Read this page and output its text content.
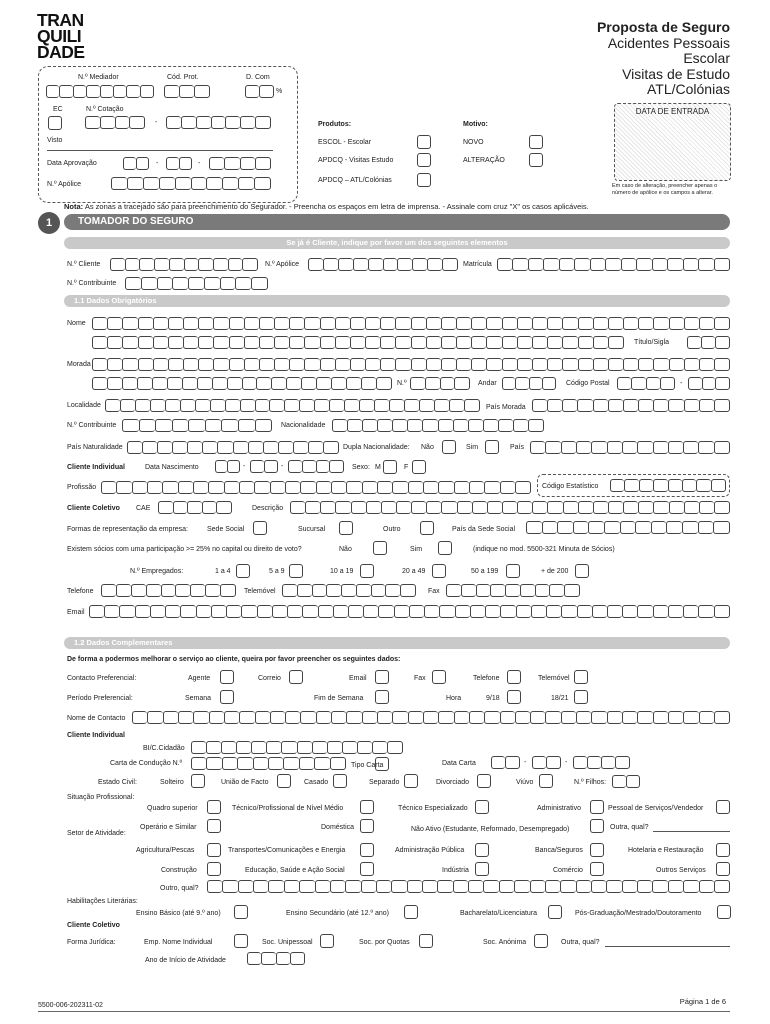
TRAN
QUILI
DADE
Proposta de Seguro
Acidentes Pessoais
Escolar
Visitas de Estudo
ATL/Colónias
N.º Mediador	Cód. Prot.	D. Com
%
EC	N.º Cotação
-
Visto
Data Aprovação	-	-
N.º Apólice
Produtos:
ESCOL - Escolar
APDCQ - Visitas Estudo
APDCQ – ATL/Colónias
Motivo:
NOVO
ALTERAÇÃO
DATA DE ENTRADA
Em caso de alteração, preencher apenas o
número de apólice e os campos a alterar.
Nota: As zonas a tracejado são para preenchimento do Segurador. - Preencha os espaços em letra de imprensa. - Assinale com cruz "X" os casos aplicáveis.
1	TOMADOR DO SEGURO
Se já é Cliente, indique por favor um dos seguintes elementos
N.º Cliente	N.º Apólice	Matrícula
N.º Contribuinte
1.1 Dados Obrigatórios
Nome
Título/Sigla
Morada
N.º	Andar	Código Postal	-
Localidade	País Morada
N.º Contribuinte	Nacionalidade
País Naturalidade	Dupla Nacionalidade: Não	Sim	País
Cliente Individual	Data Nascimento	-	-	Sexo: M	F
Profissão	Código Estatístico
Cliente Coletivo CAE	Descrição
Formas de representação da empresa:	Sede Social	Sucursal	Outro	País da Sede Social
Existem sócios com uma participação >= 25% no capital ou direito de voto?	Não	Sim	(indique no mod. 5500-321 Minuta de Sócios)
N.º Empregados:	1 a 4	5 a 9	10 a 19	20 a 49	50 a 199	+ de 200
Telefone	Telemóvel	Fax
Email
1.2 Dados Complementares
De forma a podermos melhorar o serviço ao cliente, queira por favor preencher os seguintes dados:
Contacto Preferencial:	Agente	Correio	Email	Fax	Telefone	Telemóvel
Período Preferencial:	Semana	Fim de Semana	Hora	9/18	18/21
Nome de Contacto
Cliente Individual
BI/C.Cidadão
Carta de Condução N.º	Tipo Carta	Data Carta	-	-
Estado Civil:	Solteiro	União de Facto	Casado	Separado	Divorciado	Viúvo	N.º Filhos:
Situação Profissional:
Quadro superior	Técnico/Profissional de Nível Médio	Técnico Especializado	Administrativo	Pessoal de Serviços/Vendedor
Setor de Atividade:
Operário e Similar	Doméstica	Não Ativo (Estudante, Reformado, Desempregado)	Outra, qual?
Agricultura/Pescas	Transportes/Comunicações e Energia	Administração Pública	Banca/Seguros	Hotelaria e Restauração
Construção	Educação, Saúde e Ação Social	Indústria	Comércio	Outros Serviços
Outro, qual?
Habilitações Literárias:
Ensino Básico (até 9.º ano)	Ensino Secundário (até 12.º ano)	Bacharelato/Licenciatura	Pós-Graduação/Mestrado/Doutoramento
Cliente Coletivo
Forma Jurídica:	Emp. Nome Individual	Soc. Unipessoal	Soc. por Quotas	Soc. Anónima	Outra, qual?
Ano de Início de Atividade
5500-006-202311-02	Página 1 de 6
